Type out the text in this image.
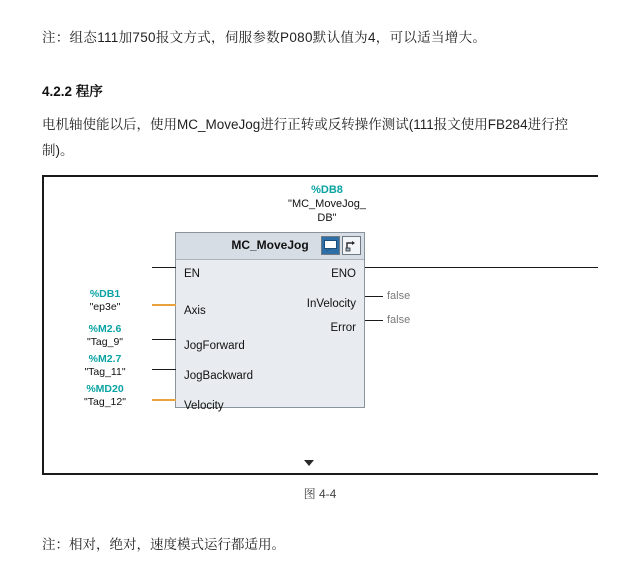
注：组态111加750报文方式，伺服参数P080默认值为4，可以适当增大。
4.2.2 程序
电机轴使能以后，使用MC_MoveJog进行正转或反转操作测试(111报文使用FB284进行控制)。
%DB8
"MC_MoveJog_
DB"
MC_MoveJog
EN
Axis
JogForward
JogBackward
Velocity
ENO
InVelocity
Error
%DB1
"ep3e"
%M2.6
"Tag_9"
%M2.7
"Tag_11"
%MD20
"Tag_12"
false
false
图 4-4
注：相对，绝对，速度模式运行都适用。
